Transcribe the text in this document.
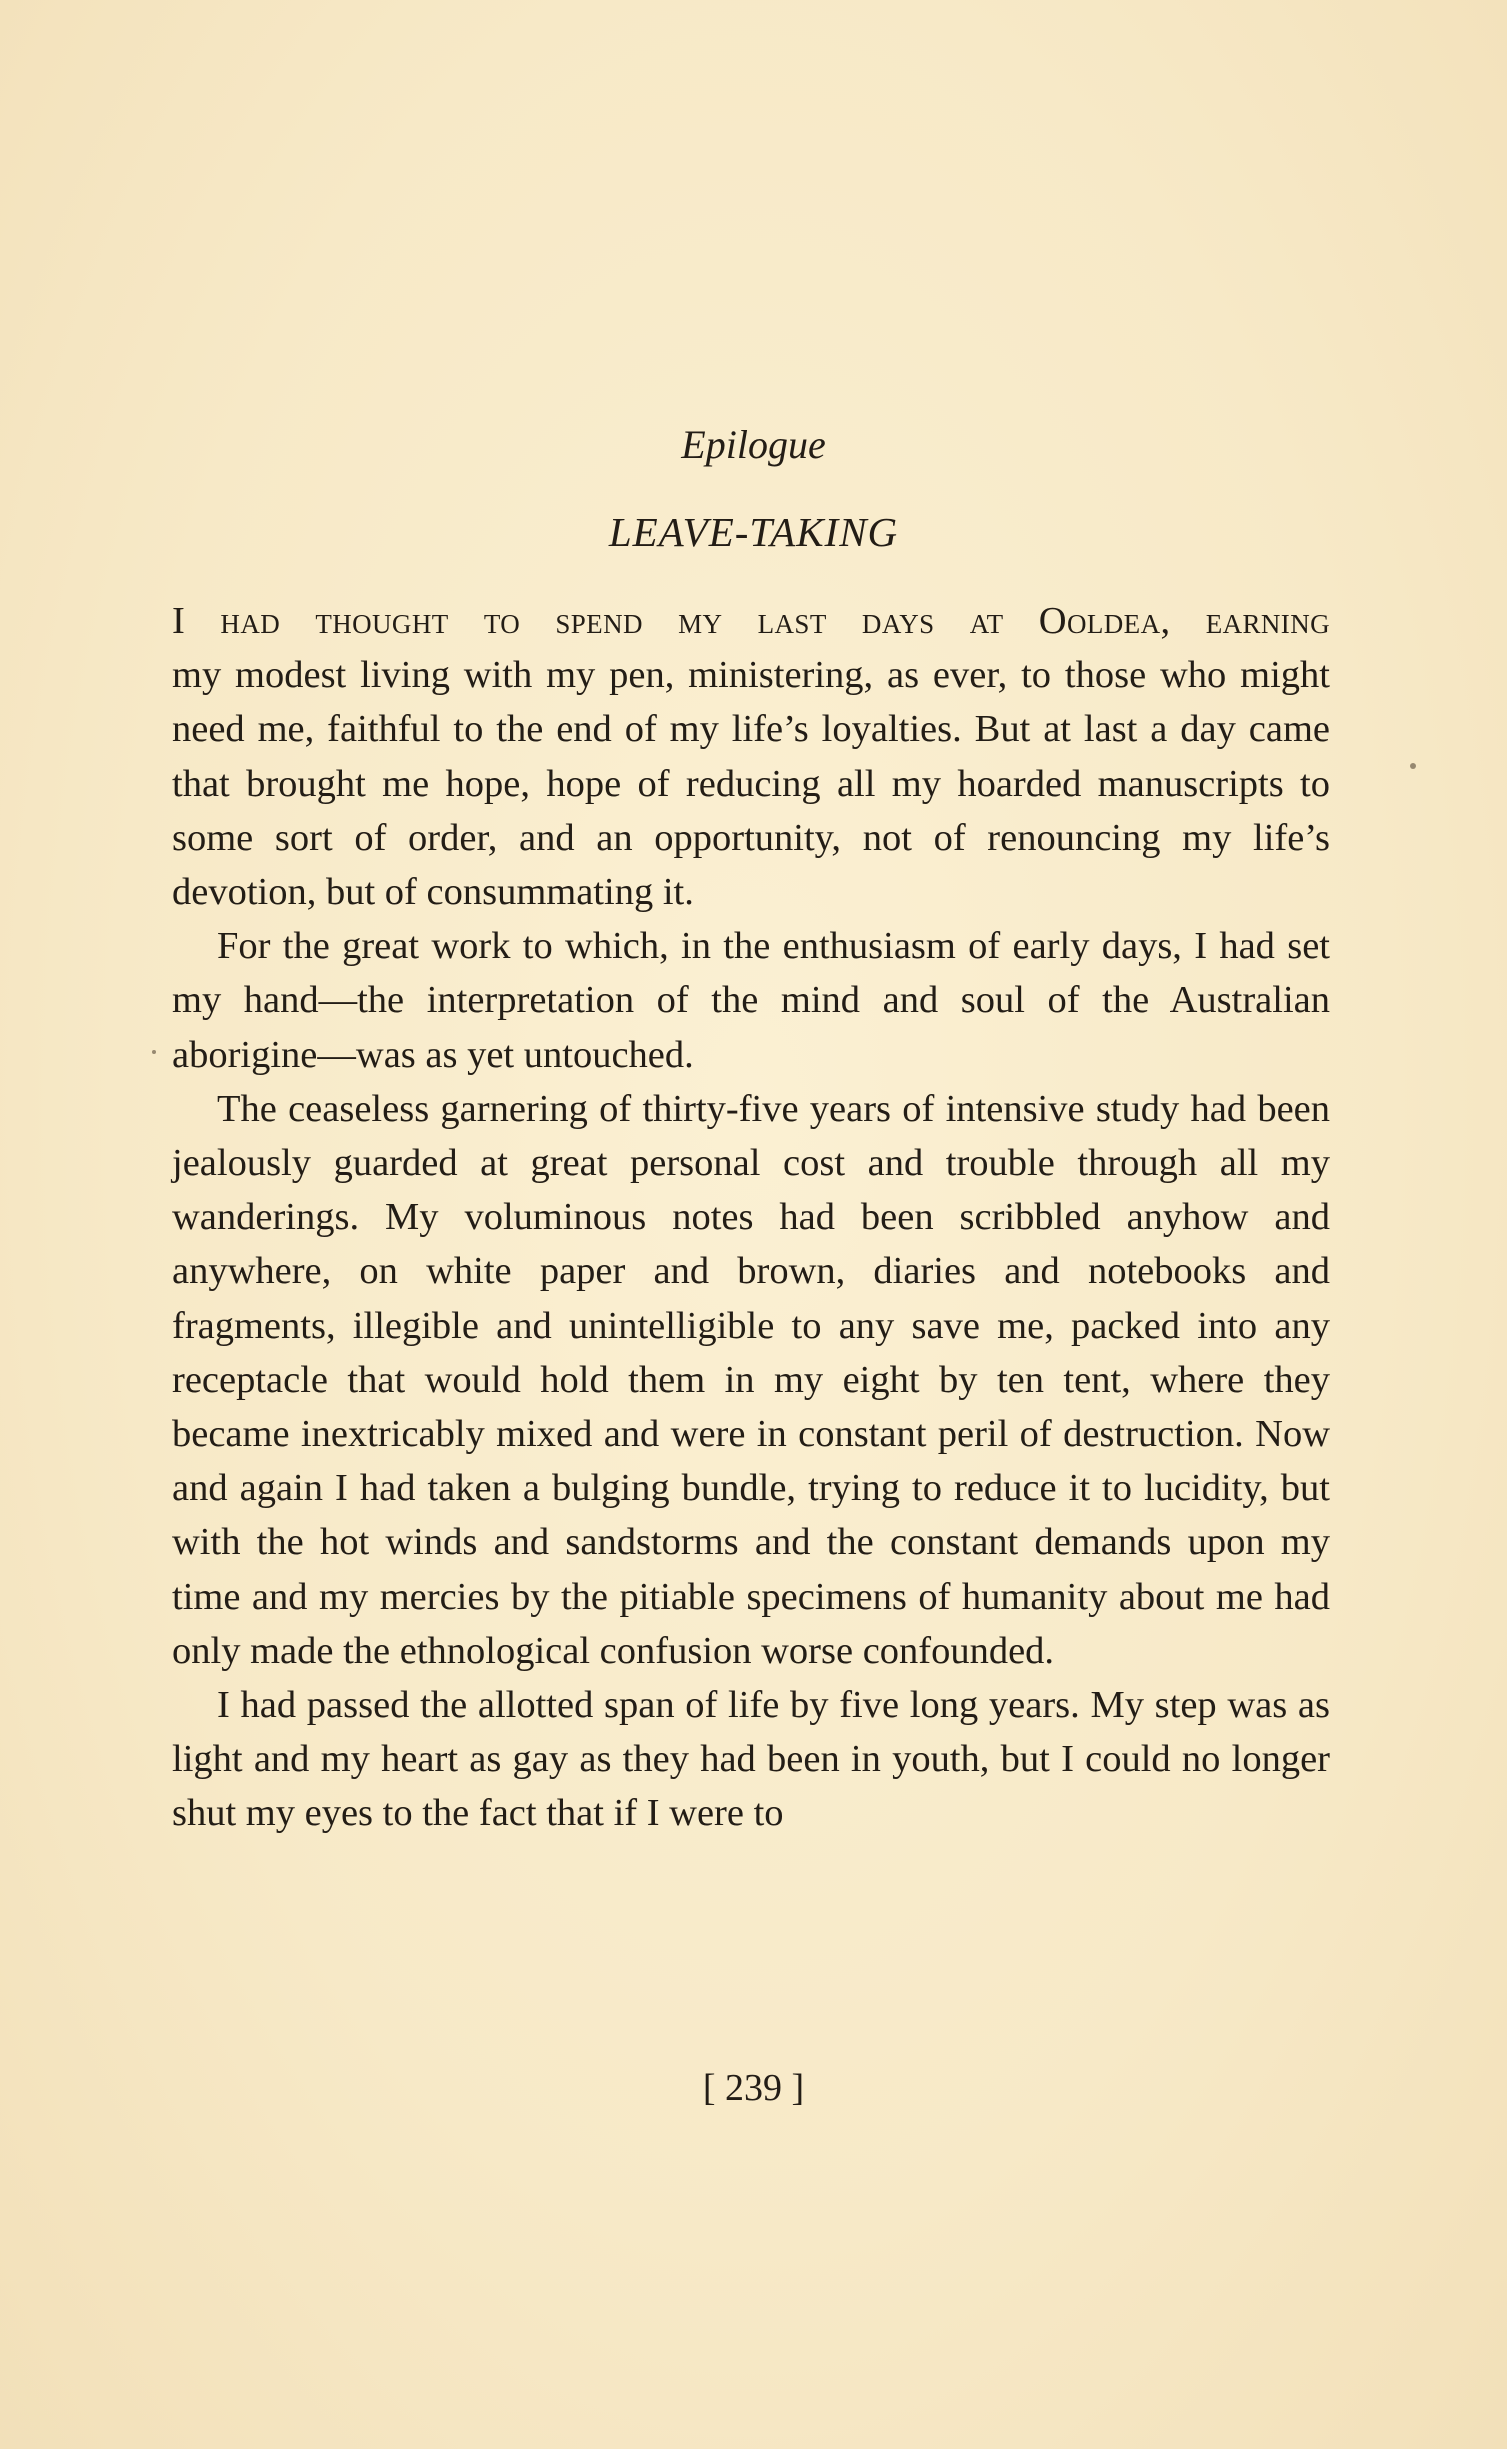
Epilogue
LEAVE-TAKING

I had thought to spend my last days at Ooldea, earning
my modest living with my pen, ministering, as ever, to those who might need me, faithful to the end of my life’s loyalties. But at last a day came that brought me hope, hope of reducing all my hoarded manuscripts to some sort of order, and an opportunity, not of renouncing my life’s devotion, but of consummating it.

For the great work to which, in the enthusiasm of early days, I had set my hand—the interpretation of the mind and soul of the Australian aborigine—was as yet untouched.

The ceaseless garnering of thirty-five years of intensive study had been jealously guarded at great personal cost and trouble through all my wanderings. My voluminous notes had been scribbled anyhow and anywhere, on white paper and brown, diaries and notebooks and fragments, illegible and unintelligible to any save me, packed into any receptacle that would hold them in my eight by ten tent, where they became inextricably mixed and were in constant peril of destruction. Now and again I had taken a bulging bundle, trying to reduce it to lucidity, but with the hot winds and sandstorms and the constant demands upon my time and my mercies by the pitiable specimens of humanity about me had only made the ethnological confusion worse confounded.

I had passed the allotted span of life by five long years. My step was as light and my heart as gay as they had been in youth, but I could no longer shut my eyes to the fact that if I were to

[ 239 ]
